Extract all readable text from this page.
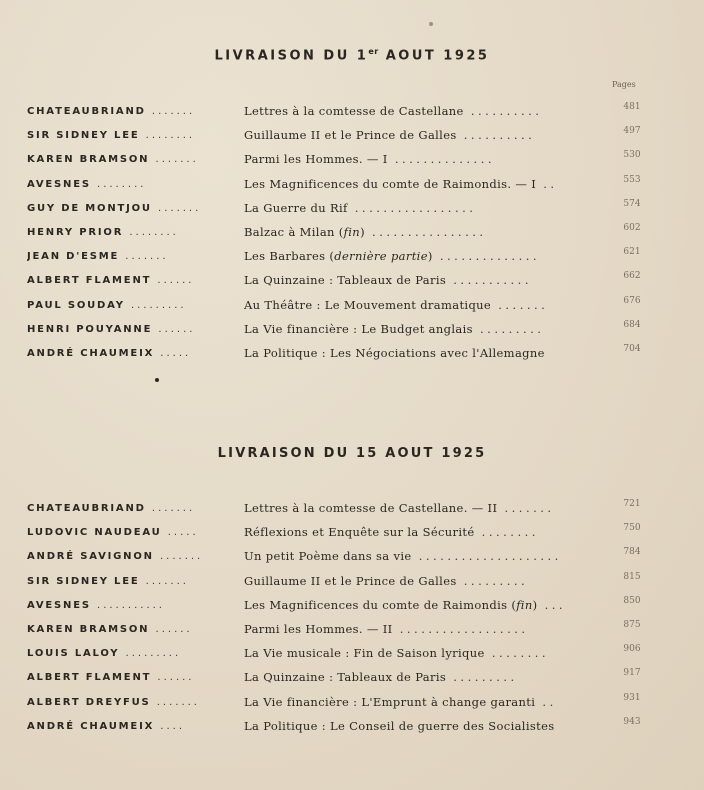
LIVRAISON DU 1er AOUT 1925
Pages
CHATEAUBRIAND .......	Lettres à la comtesse de Castellane ..........	481
SIR SIDNEY LEE ........	Guillaume II et le Prince de Galles ..........	497
KAREN BRAMSON .......	Parmi les Hommes. — I ..............	530
AVESNES ........	Les Magnificences du comte de Raimondis. — I ..	553
GUY DE MONTJOU .......	La Guerre du Rif .................	574
HENRY PRIOR ........	Balzac à Milan (fin) ................	602
JEAN D'ESME .......	Les Barbares (dernière partie) ..............	621
ALBERT FLAMENT ......	La Quinzaine : Tableaux de Paris ...........	662
PAUL SOUDAY .........	Au Théâtre : Le Mouvement dramatique .......	676
HENRI POUYANNE ......	La Vie financière : Le Budget anglais .........	684
ANDRÉ CHAUMEIX .....	La Politique : Les Négociations avec l'Allemagne	704
LIVRAISON DU 15 AOUT 1925
CHATEAUBRIAND .......	Lettres à la comtesse de Castellane. — II .......	721
LUDOVIC NAUDEAU .....	Réflexions et Enquête sur la Sécurité ........	750
ANDRÉ SAVIGNON .......	Un petit Poème dans sa vie ....................	784
SIR SIDNEY LEE .......	Guillaume II et le Prince de Galles .........	815
AVESNES ...........	Les Magnificences du comte de Raimondis (fin) ...	850
KAREN BRAMSON ......	Parmi les Hommes. — II ..................	875
LOUIS LALOY .........	La Vie musicale : Fin de Saison lyrique ........	906
ALBERT FLAMENT ......	La Quinzaine : Tableaux de Paris .........	917
ALBERT DREYFUS .......	La Vie financière : L'Emprunt à change garanti ..	931
ANDRÉ CHAUMEIX ....	La Politique : Le Conseil de guerre des Socialistes	943
